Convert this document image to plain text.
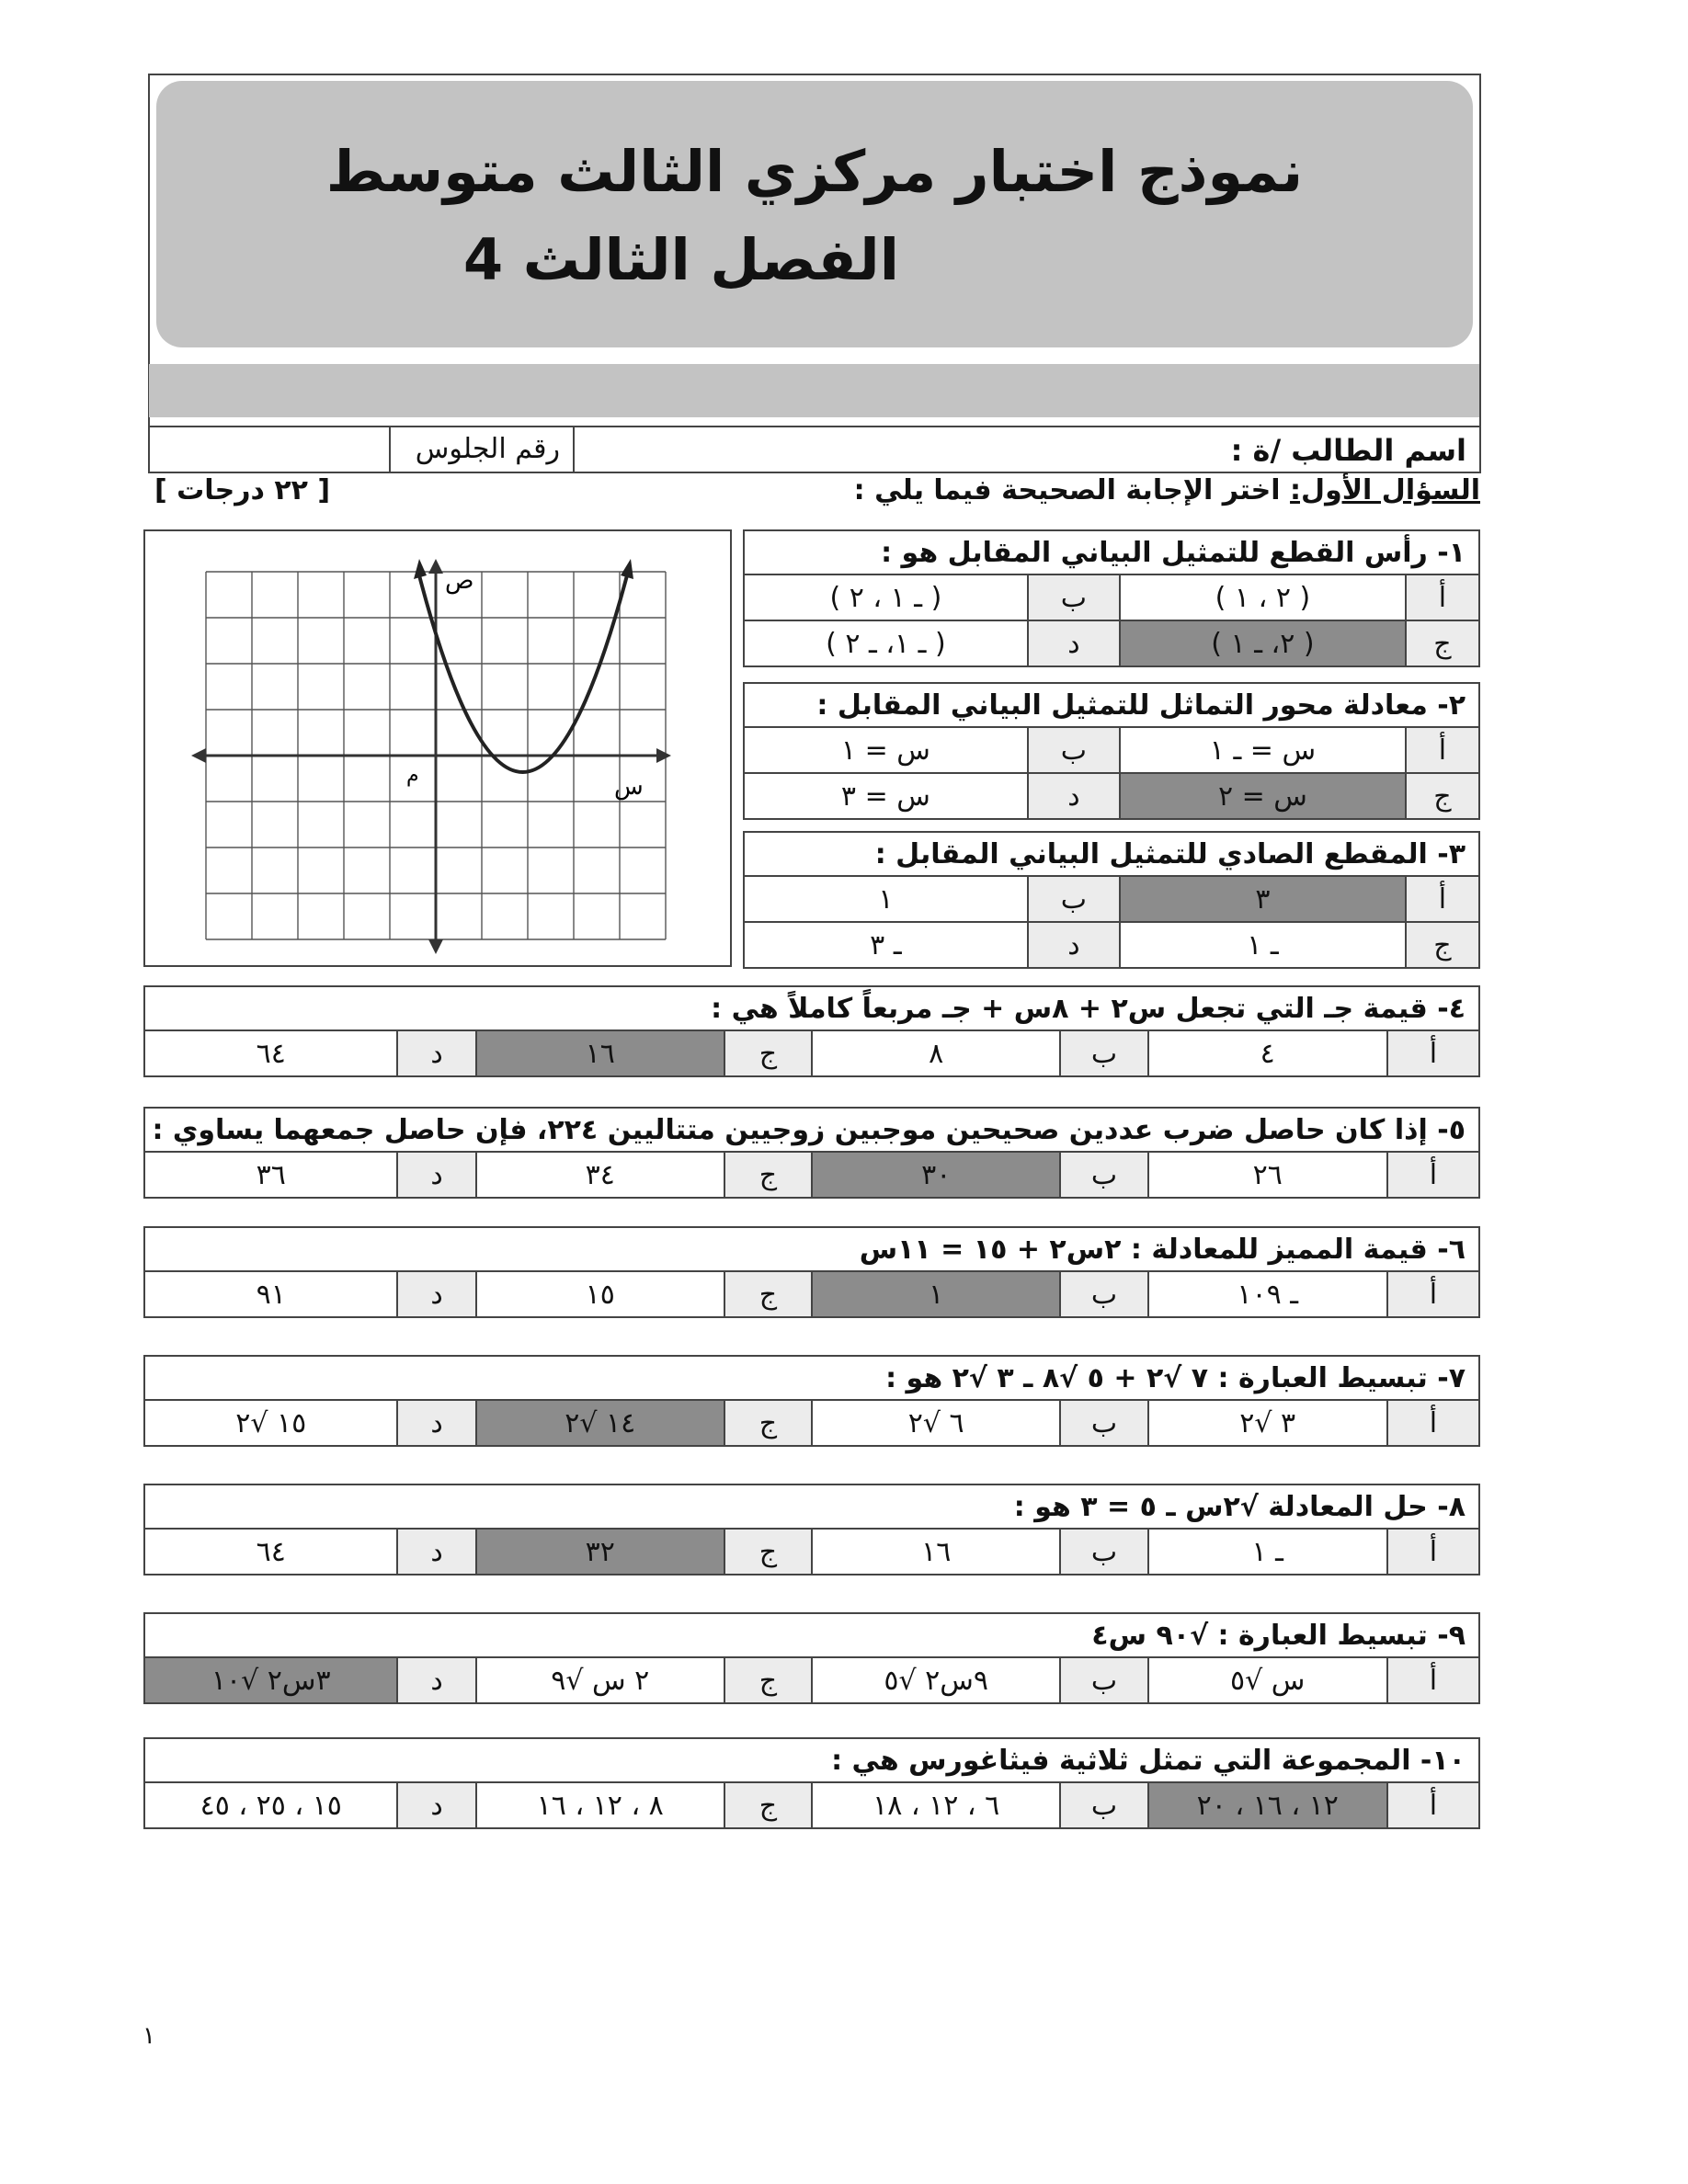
نموذج اختبار مركزي الثالث متوسط
الفصل الثالث 4
رقم الجلوس	اسم الطالب /ة :
السؤال الأول: اختر الإجابة الصحيحة فيما يلي :
[ ٢٢ درجات ]
ص
س
م
١- رأس القطع للتمثيل البياني المقابل هو :
أ	( ٢ ، ١ )	ب	( ـ ١ ، ٢ )
ج	( ٢، ـ ١ )	د	( ـ ١، ـ ٢ )
٢- معادلة محور التماثل للتمثيل البياني المقابل :
أ	س = ـ ١	ب	س = ١
ج	س = ٢	د	س = ٣
٣- المقطع الصادي للتمثيل البياني المقابل :
أ	٣	ب	١
ج	ـ ١	د	ـ ٣
٤- قيمة جـ التي تجعل س٢ + ٨س + جـ مربعاً كاملاً هي :
أ	٤	ب	٨	ج	١٦	د	٦٤
٥- إذا كان حاصل ضرب عددين صحيحين موجبين زوجيين متتاليين ٢٢٤، فإن حاصل جمعهما يساوي :
أ	٢٦	ب	٣٠	ج	٣٤	د	٣٦
٦- قيمة المميز للمعادلة : ٢س٢ + ١٥ = ١١س
أ	ـ ١٠٩	ب	١	ج	١٥	د	٩١
٧- تبسيط العبارة : ٧ √٢ + ٥ √٨ ـ ٣ √٢ هو :
أ	٣ √٢	ب	٦ √٢	ج	١٤ √٢	د	١٥ √٢
٨- حل المعادلة √٢س ـ ٥ = ٣ هو :
أ	ـ ١	ب	١٦	ج	٣٢	د	٦٤
٩- تبسيط العبارة : √٩٠ س٤
أ	س √٥	ب	٩س٢ √٥	ج	٢ س √٩	د	٣س٢ √١٠
١٠- المجموعة التي تمثل ثلاثية فيثاغورس هي :
أ	١٢ ، ١٦ ، ٢٠	ب	٦ ، ١٢ ، ١٨	ج	٨ ، ١٢ ، ١٦	د	١٥ ، ٢٥ ، ٤٥
١
